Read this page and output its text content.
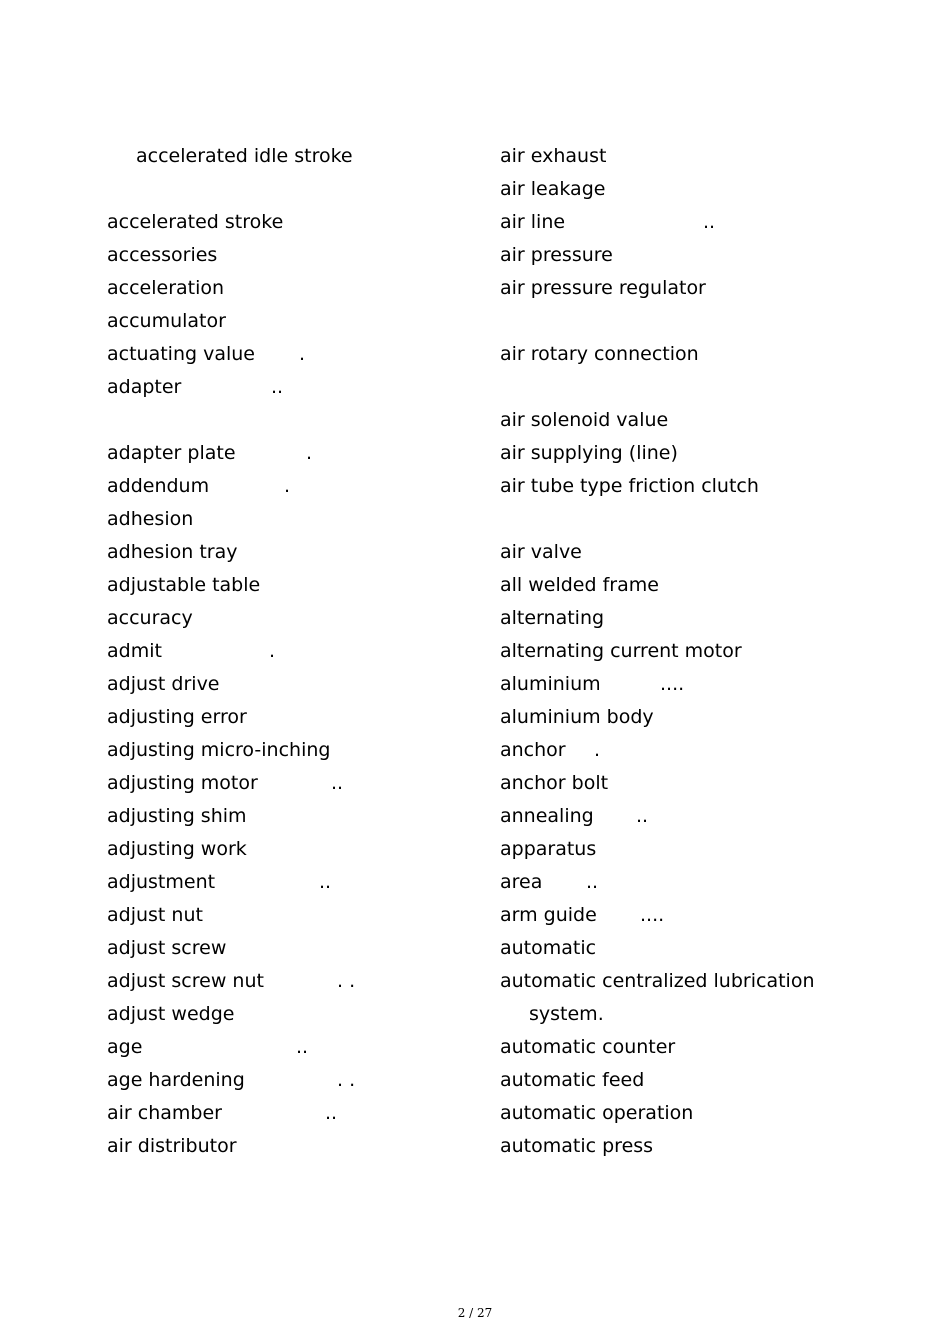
accelerated idle stroke
accelerated stroke
accessories
acceleration
accumulator
actuating value .
adapter	..
adapter plate	.
addendum	.
adhesion
adhesion tray
adjustable table
accuracy
admit	.
adjust drive
adjusting error
adjusting micro-inching
adjusting motor	..
adjusting shim
adjusting work
adjustment	..
adjust nut
adjust screw
adjust screw nut	. .
adjust wedge
age	..
age hardening	. .
air chamber	..
air distributor
air exhaust
air leakage
air line	..
air pressure
air pressure regulator
air rotary connection
air solenoid value
air supplying (line)
air tube type friction clutch
air valve
all welded frame
alternating
alternating current motor
aluminium	....
aluminium body
anchor .
anchor bolt
annealing ..
apparatus
area ..
arm guide ....
automatic
automatic centralized lubrication
system.
automatic counter
automatic feed
automatic operation
automatic press
2 / 27
